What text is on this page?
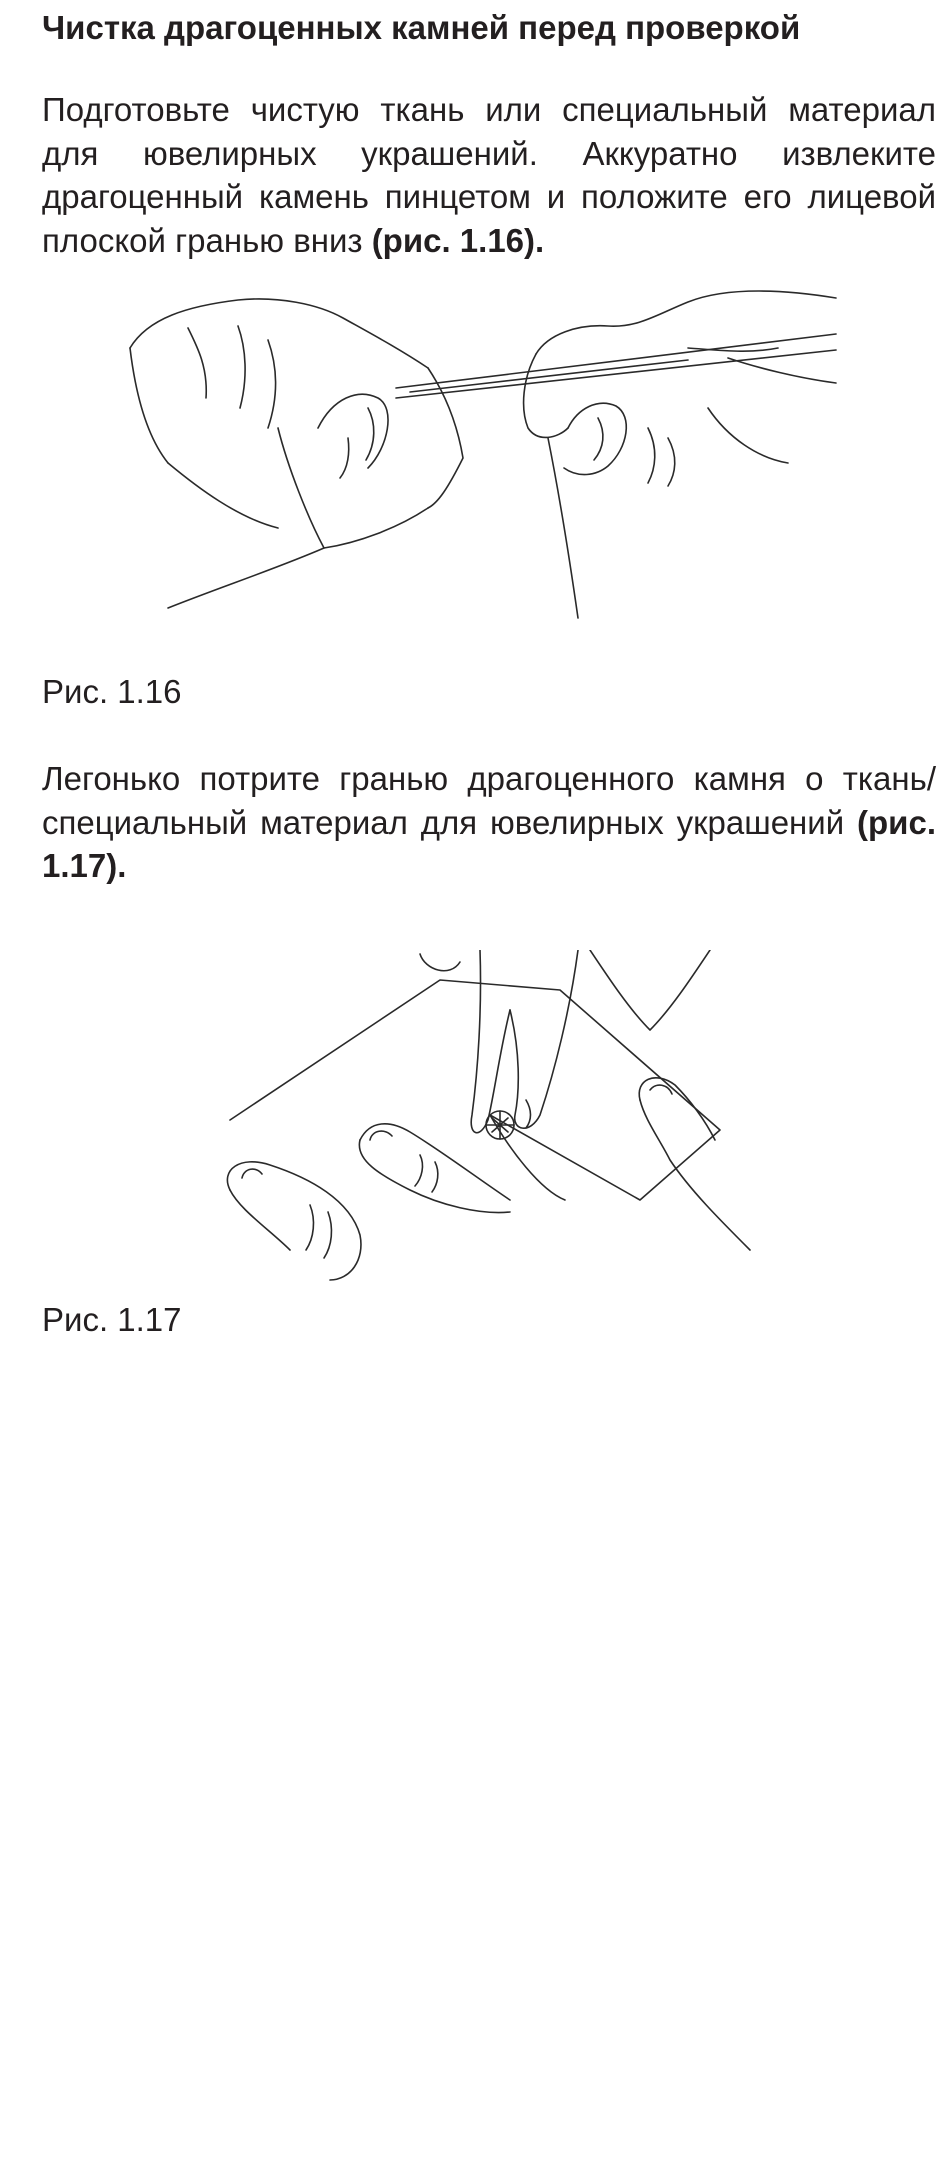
Чистка драгоценных камней перед проверкой

Подготовьте чистую ткань или специальный материал для ювелирных украшений. Аккуратно извлеките драгоценный камень пинцетом и положите его лицевой плоской гранью вниз (рис. 1.16).

Рис. 1.16

Легонько потрите гранью драгоценного камня о ткань/ специальный материал для ювелирных украшений (рис. 1.17).

Рис. 1.17
